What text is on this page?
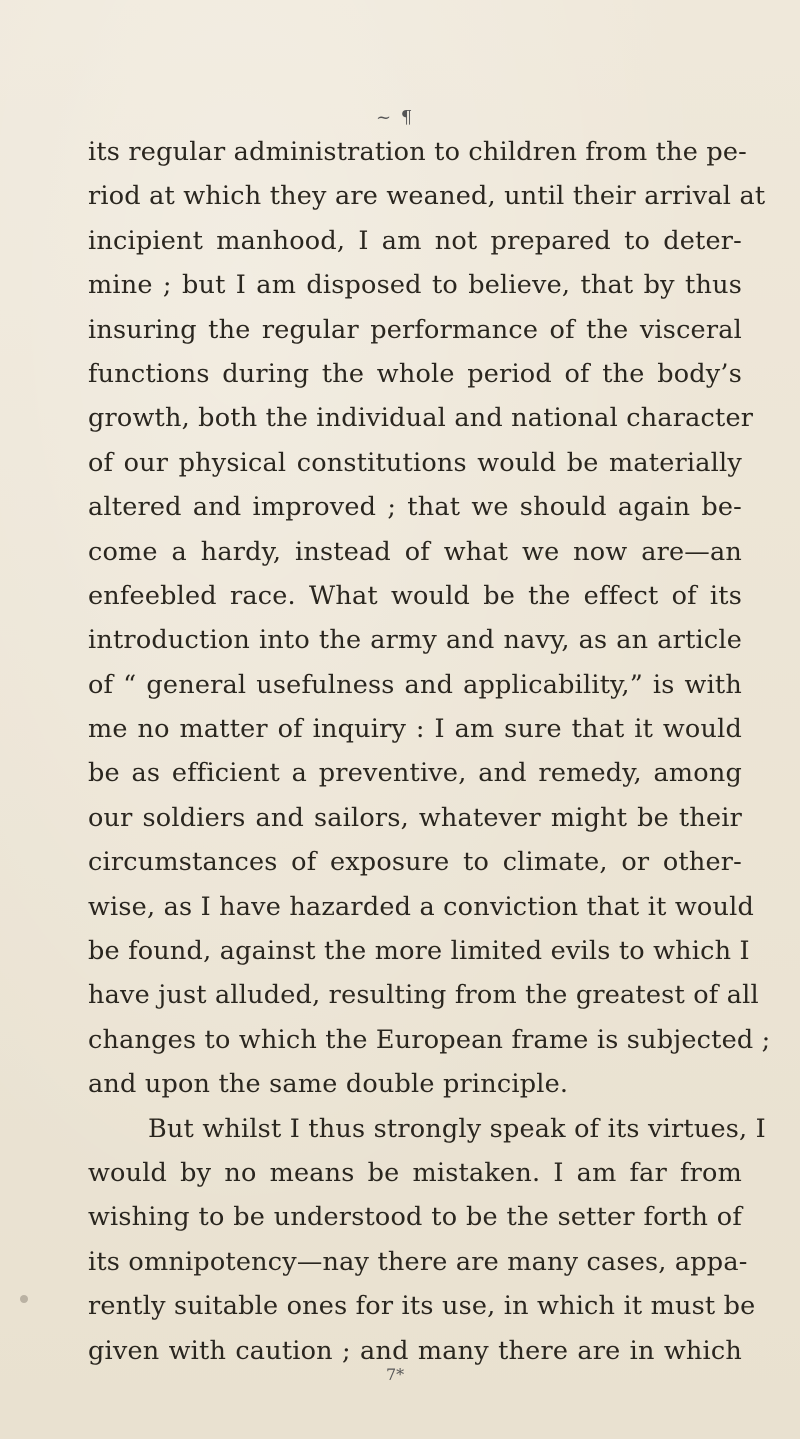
~ ¶
its regular administration to children from the pe-
riod at which they are weaned, until their arrival at
incipient manhood, I am not prepared to deter-
mine ; but I am disposed to believe, that by thus
insuring the regular performance of the visceral
functions during the whole period of the body’s
growth, both the individual and national character
of our physical constitutions would be materially
altered and improved ; that we should again be-
come a hardy, instead of what we now are—an
enfeebled race. What would be the effect of its
introduction into the army and navy, as an article
of “ general usefulness and applicability,” is with
me no matter of inquiry : I am sure that it would
be as efficient a preventive, and remedy, among
our soldiers and sailors, whatever might be their
circumstances of exposure to climate, or other-
wise, as I have hazarded a conviction that it would
be found, against the more limited evils to which I
have just alluded, resulting from the greatest of all
changes to which the European frame is subjected ;
and upon the same double principle.
But whilst I thus strongly speak of its virtues, I
would by no means be mistaken. I am far from
wishing to be understood to be the setter forth of
its omnipotency—nay there are many cases, appa-
rently suitable ones for its use, in which it must be
given with caution ; and many there are in which
7*
